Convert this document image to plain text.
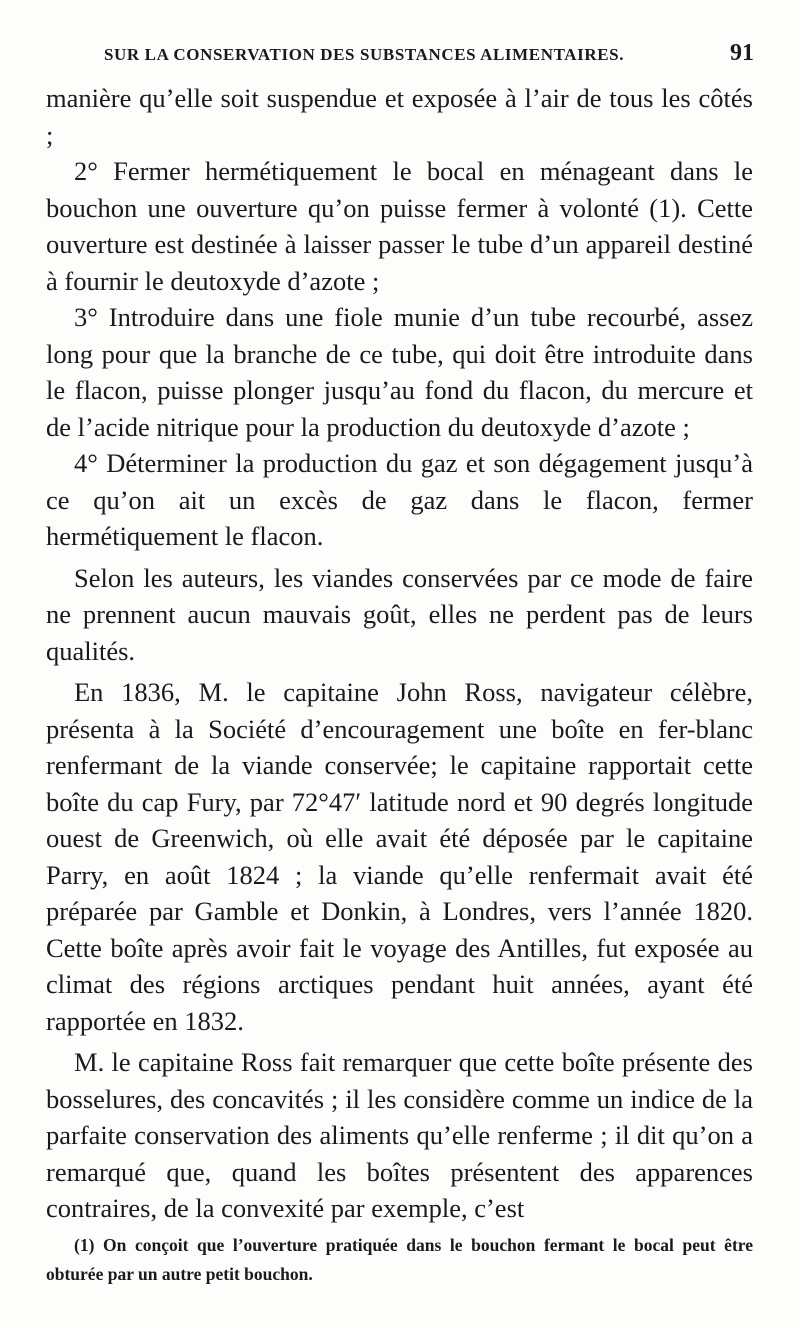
SUR LA CONSERVATION DES SUBSTANCES ALIMENTAIRES.	91

manière qu’elle soit suspendue et exposée à l’air de tous les côtés ;

2° Fermer hermétiquement le bocal en ménageant dans le bouchon une ouverture qu’on puisse fermer à volonté (1). Cette ouverture est destinée à laisser passer le tube d’un appareil destiné à fournir le deutoxyde d’azote ;

3° Introduire dans une fiole munie d’un tube recourbé, assez long pour que la branche de ce tube, qui doit être introduite dans le flacon, puisse plonger jusqu’au fond du flacon, du mercure et de l’acide nitrique pour la production du deutoxyde d’azote ;

4° Déterminer la production du gaz et son dégagement jusqu’à ce qu’on ait un excès de gaz dans le flacon, fermer hermétiquement le flacon.

Selon les auteurs, les viandes conservées par ce mode de faire ne prennent aucun mauvais goût, elles ne perdent pas de leurs qualités.

En 1836, M. le capitaine John Ross, navigateur célèbre, présenta à la Société d’encouragement une boîte en fer-blanc renfermant de la viande conservée; le capitaine rapportait cette boîte du cap Fury, par 72°47′ latitude nord et 90 degrés longitude ouest de Greenwich, où elle avait été déposée par le capitaine Parry, en août 1824 ; la viande qu’elle renfermait avait été préparée par Gamble et Donkin, à Londres, vers l’année 1820. Cette boîte après avoir fait le voyage des Antilles, fut exposée au climat des régions arctiques pendant huit années, ayant été rapportée en 1832.

M. le capitaine Ross fait remarquer que cette boîte présente des bosselures, des concavités ; il les considère comme un indice de la parfaite conservation des aliments qu’elle renferme ; il dit qu’on a remarqué que, quand les boîtes présentent des apparences contraires, de la convexité par exemple, c’est

(1) On conçoit que l’ouverture pratiquée dans le bouchon fermant le bocal peut être obturée par un autre petit bouchon.
